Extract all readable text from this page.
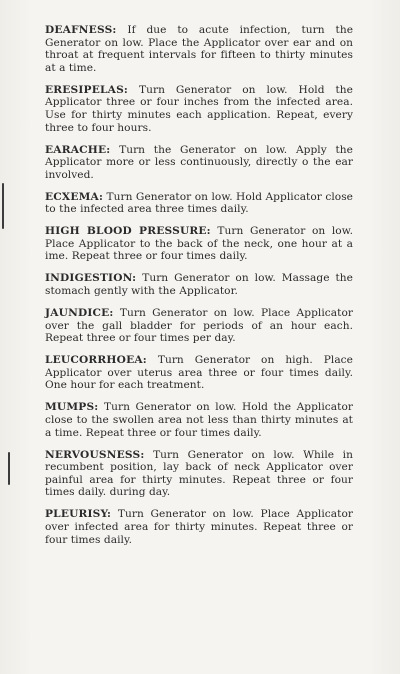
DEAFNESS: If due to acute infection, turn the Generator on low. Place the Applicator over ear and on throat at frequent intervals for fifteen to thirty minutes at a time.

ERESIPELAS: Turn Generator on low. Hold the Applicator three or four inches from the infected area. Use for thirty minutes each application. Repeat, every three to four hours.

EARACHE: Turn the Generator on low. Apply the Applicator more or less continuously, directly o the ear involved.

ECXEMA: Turn Generator on low. Hold Applicator close to the infected area three times daily.

HIGH BLOOD PRESSURE: Turn Generator on low. Place Applicator to the back of the neck, one hour at a ime. Repeat three or four times daily.

INDIGESTION: Turn Generator on low. Massage the stomach gently with the Applicator.

JAUNDICE: Turn Generator on low. Place Applicator over the gall bladder for periods of an hour each. Repeat three or four times per day.

LEUCORRHOEA: Turn Generator on high. Place Applicator over uterus area three or four times daily. One hour for each treatment.

MUMPS: Turn Generator on low. Hold the Applicator close to the swollen area not less than thirty minutes at a time. Repeat three or four times daily.

NERVOUSNESS: Turn Generator on low. While in recumbent position, lay back of neck Applicator over painful area for thirty minutes. Repeat three or four times daily. during day.

PLEURISY: Turn Generator on low. Place Applicator over infected area for thirty minutes. Repeat three or four times daily.
